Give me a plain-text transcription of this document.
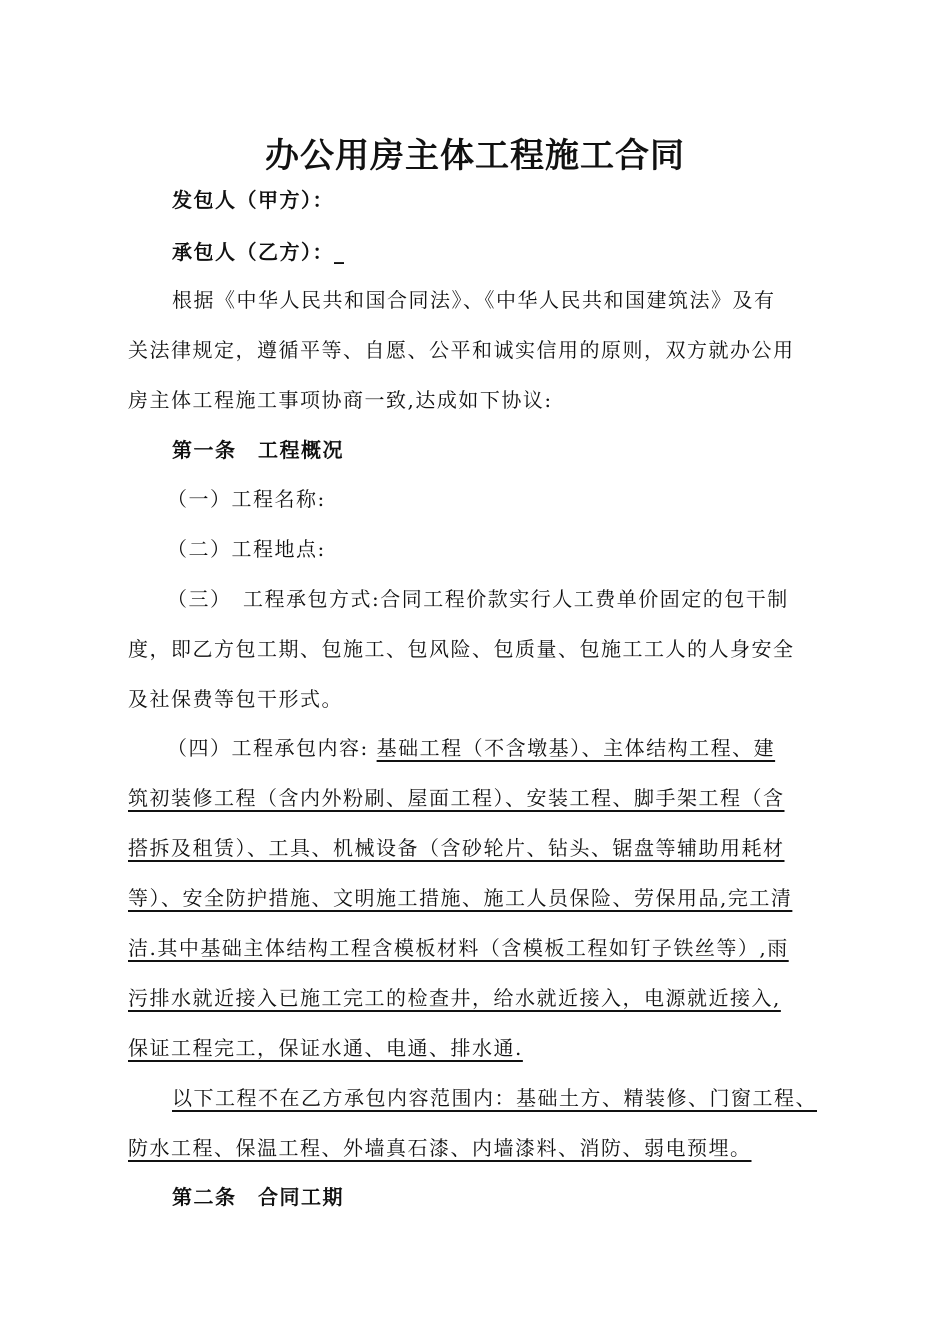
办公用房主体工程施工合同
发包人（甲方）：
承包人（乙方）：_
根据《中华人民共和国合同法》、《中华人民共和国建筑法》及有
关法律规定，遵循平等、自愿、公平和诚实信用的原则，双方就办公用
房主体工程施工事项协商一致,达成如下协议:
第一条　工程概况
（一）工程名称:
（二）工程地点:
（三）　工程承包方式:合同工程价款实行人工费单价固定的包干制
度，即乙方包工期、包施工、包风险、包质量、包施工工人的人身安全
及社保费等包干形式。
（四）工程承包内容: 基础工程（不含墩基）、主体结构工程、建
筑初装修工程（含内外粉刷、屋面工程）、安装工程、脚手架工程（含
搭拆及租赁）、工具、机械设备（含砂轮片、钻头、锯盘等辅助用耗材
等）、安全防护措施、文明施工措施、施工人员保险、劳保用品,完工清
洁.其中基础主体结构工程含模板材料（含模板工程如钉子铁丝等）,雨
污排水就近接入已施工完工的检查井，给水就近接入，电源就近接入,
保证工程完工，保证水通、电通、排水通.
以下工程不在乙方承包内容范围内：基础土方、精装修、门窗工程、
防水工程、保温工程、外墙真石漆、内墙漆料、消防、弱电预埋。
第二条　合同工期
